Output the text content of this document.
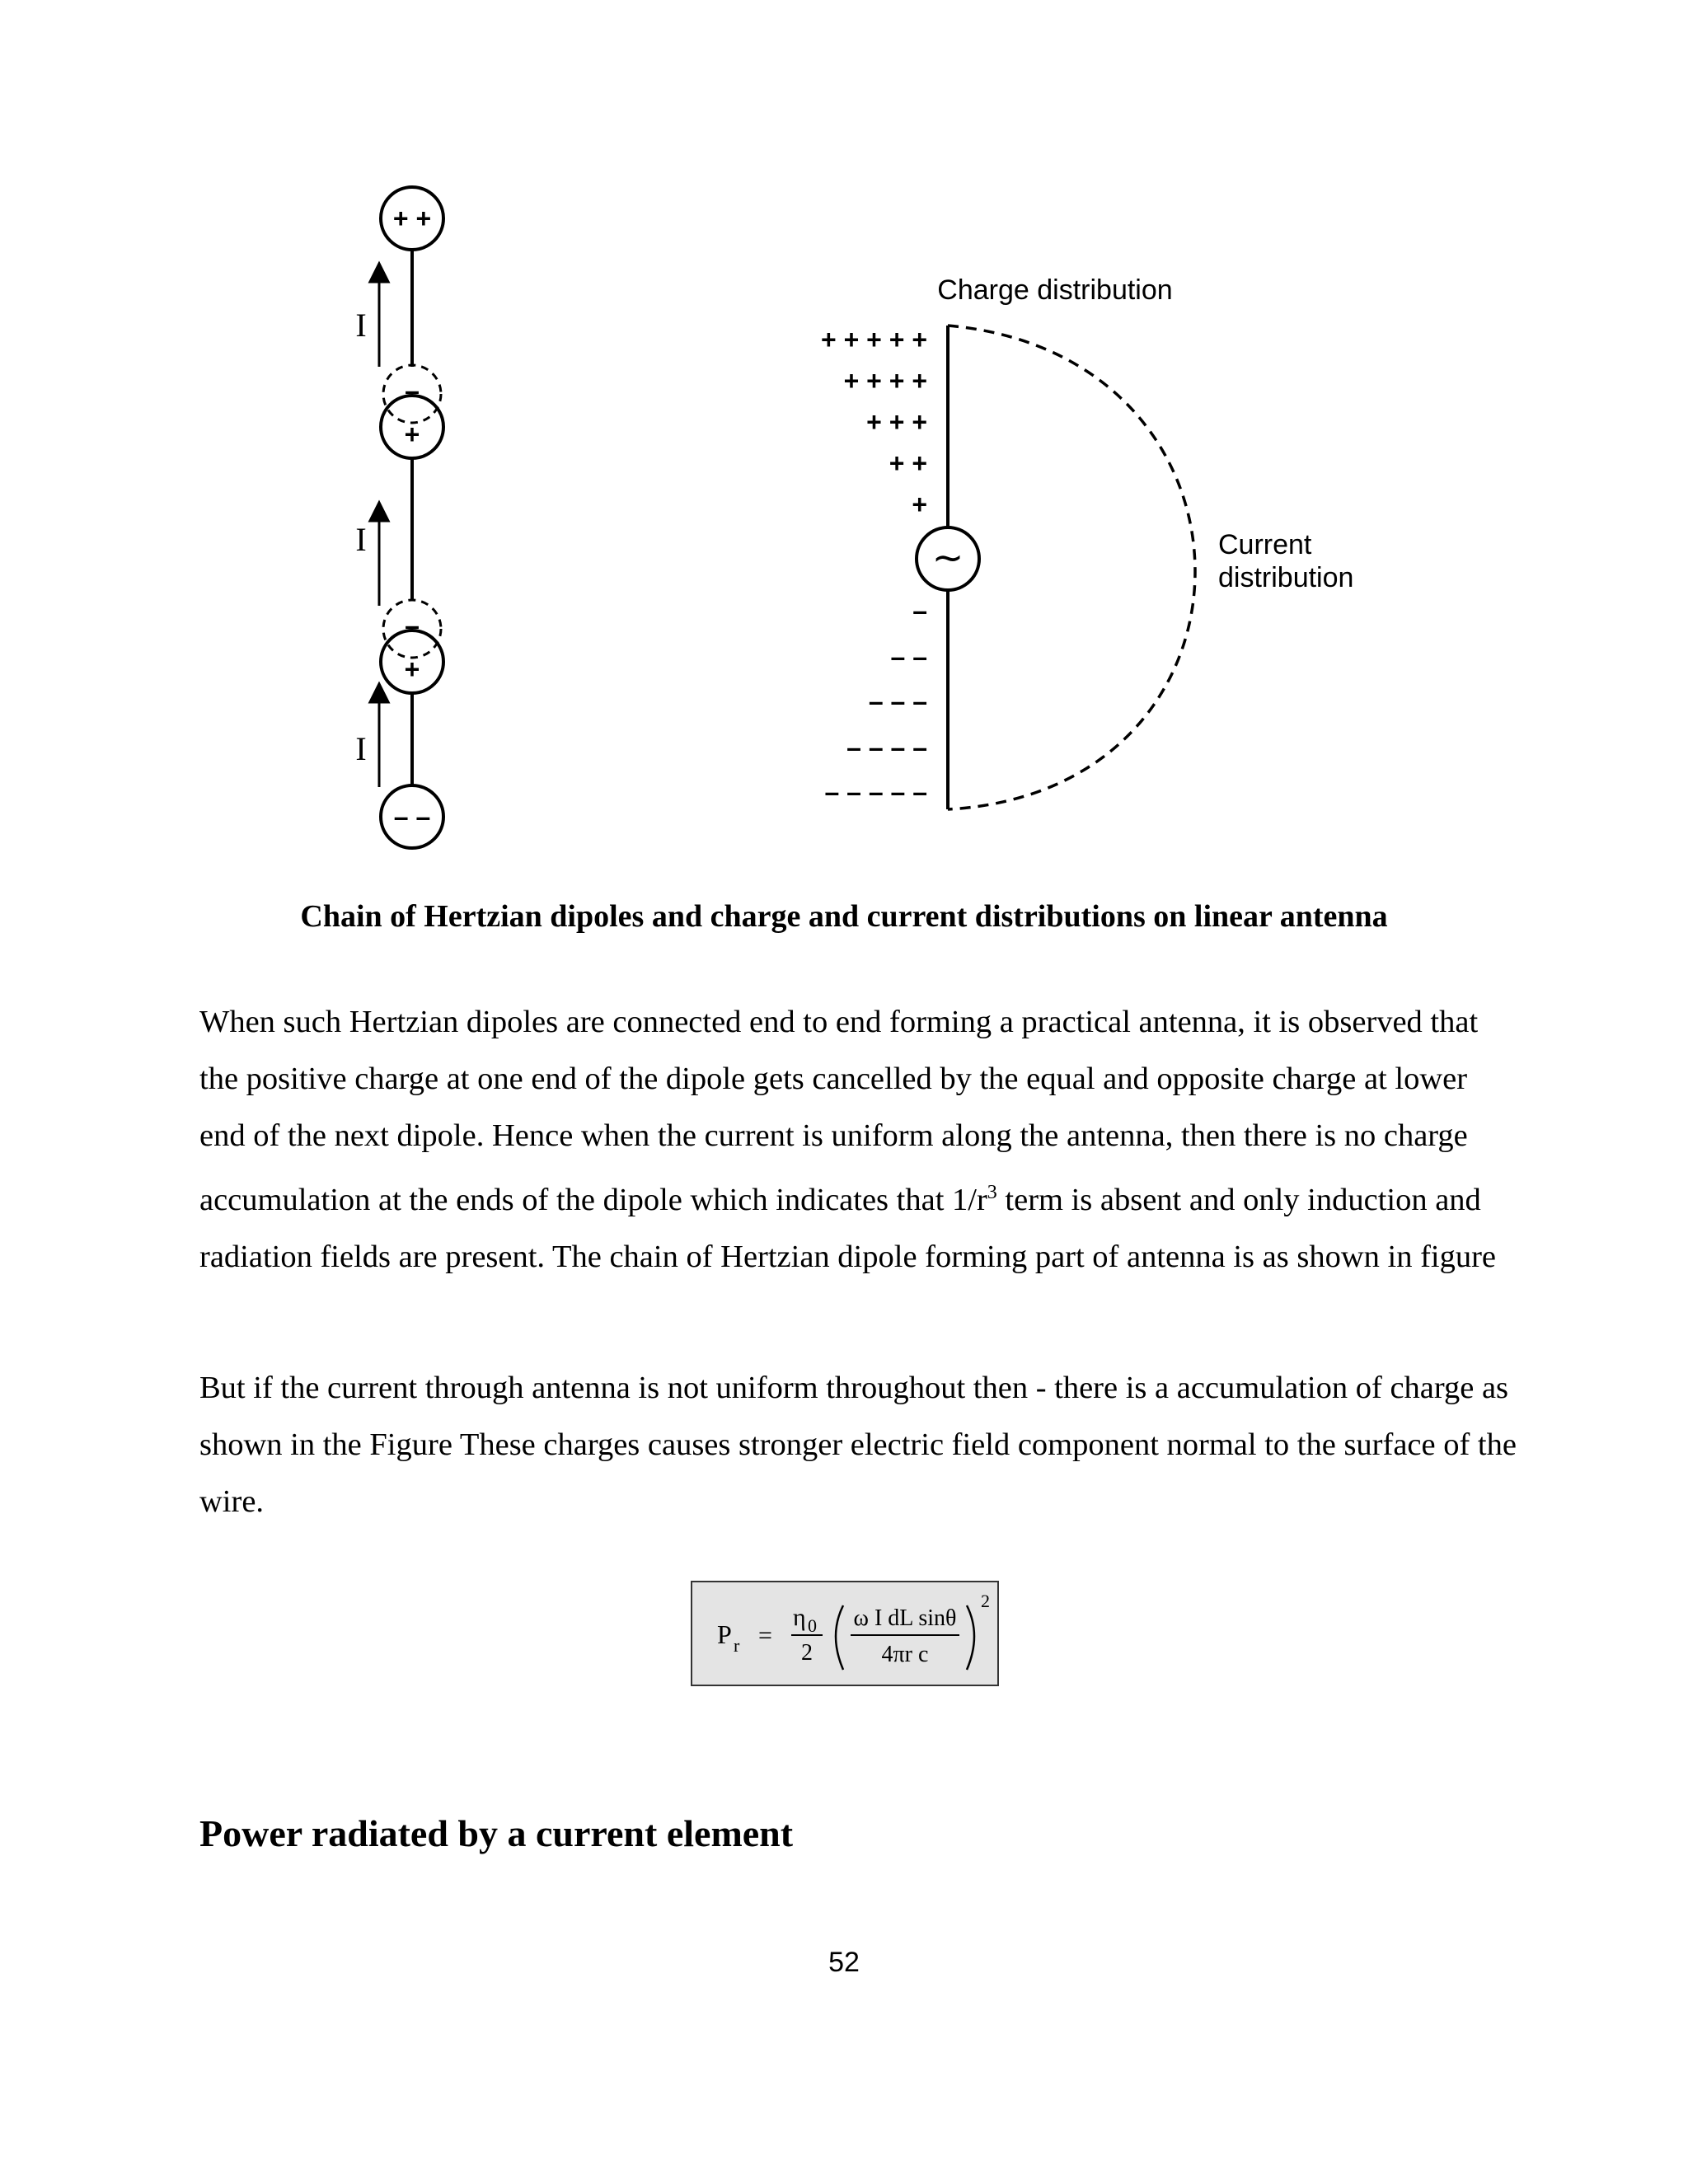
+ +
–
+
–
+
– –
I
I
I
Charge distribution
~
+ + + + +
+ + + +
+ + +
+ +
+
–
– –
– – –
– – – –
– – – – –
Current
distribution

Chain of Hertzian dipoles and charge and current distributions on linear antenna

When such Hertzian dipoles are connected end to end forming a practical antenna, it is observed that the positive charge at one end of the dipole gets cancelled by the equal and opposite charge at lower end of the next dipole. Hence when the current is uniform along the antenna, then there is no charge accumulation at the ends of the dipole which indicates that $1/r^3$ term is absent and only induction and radiation fields are present. The chain of Hertzian dipole forming part of antenna is as shown in figure

But if the current through antenna is not uniform throughout then - there is a accumulation of charge as shown in the Figure These charges causes stronger electric field component normal to the surface of the wire.

P r =
η 0
2
ω I dL sinθ
4πr c
2
Power radiated by a current element
52
